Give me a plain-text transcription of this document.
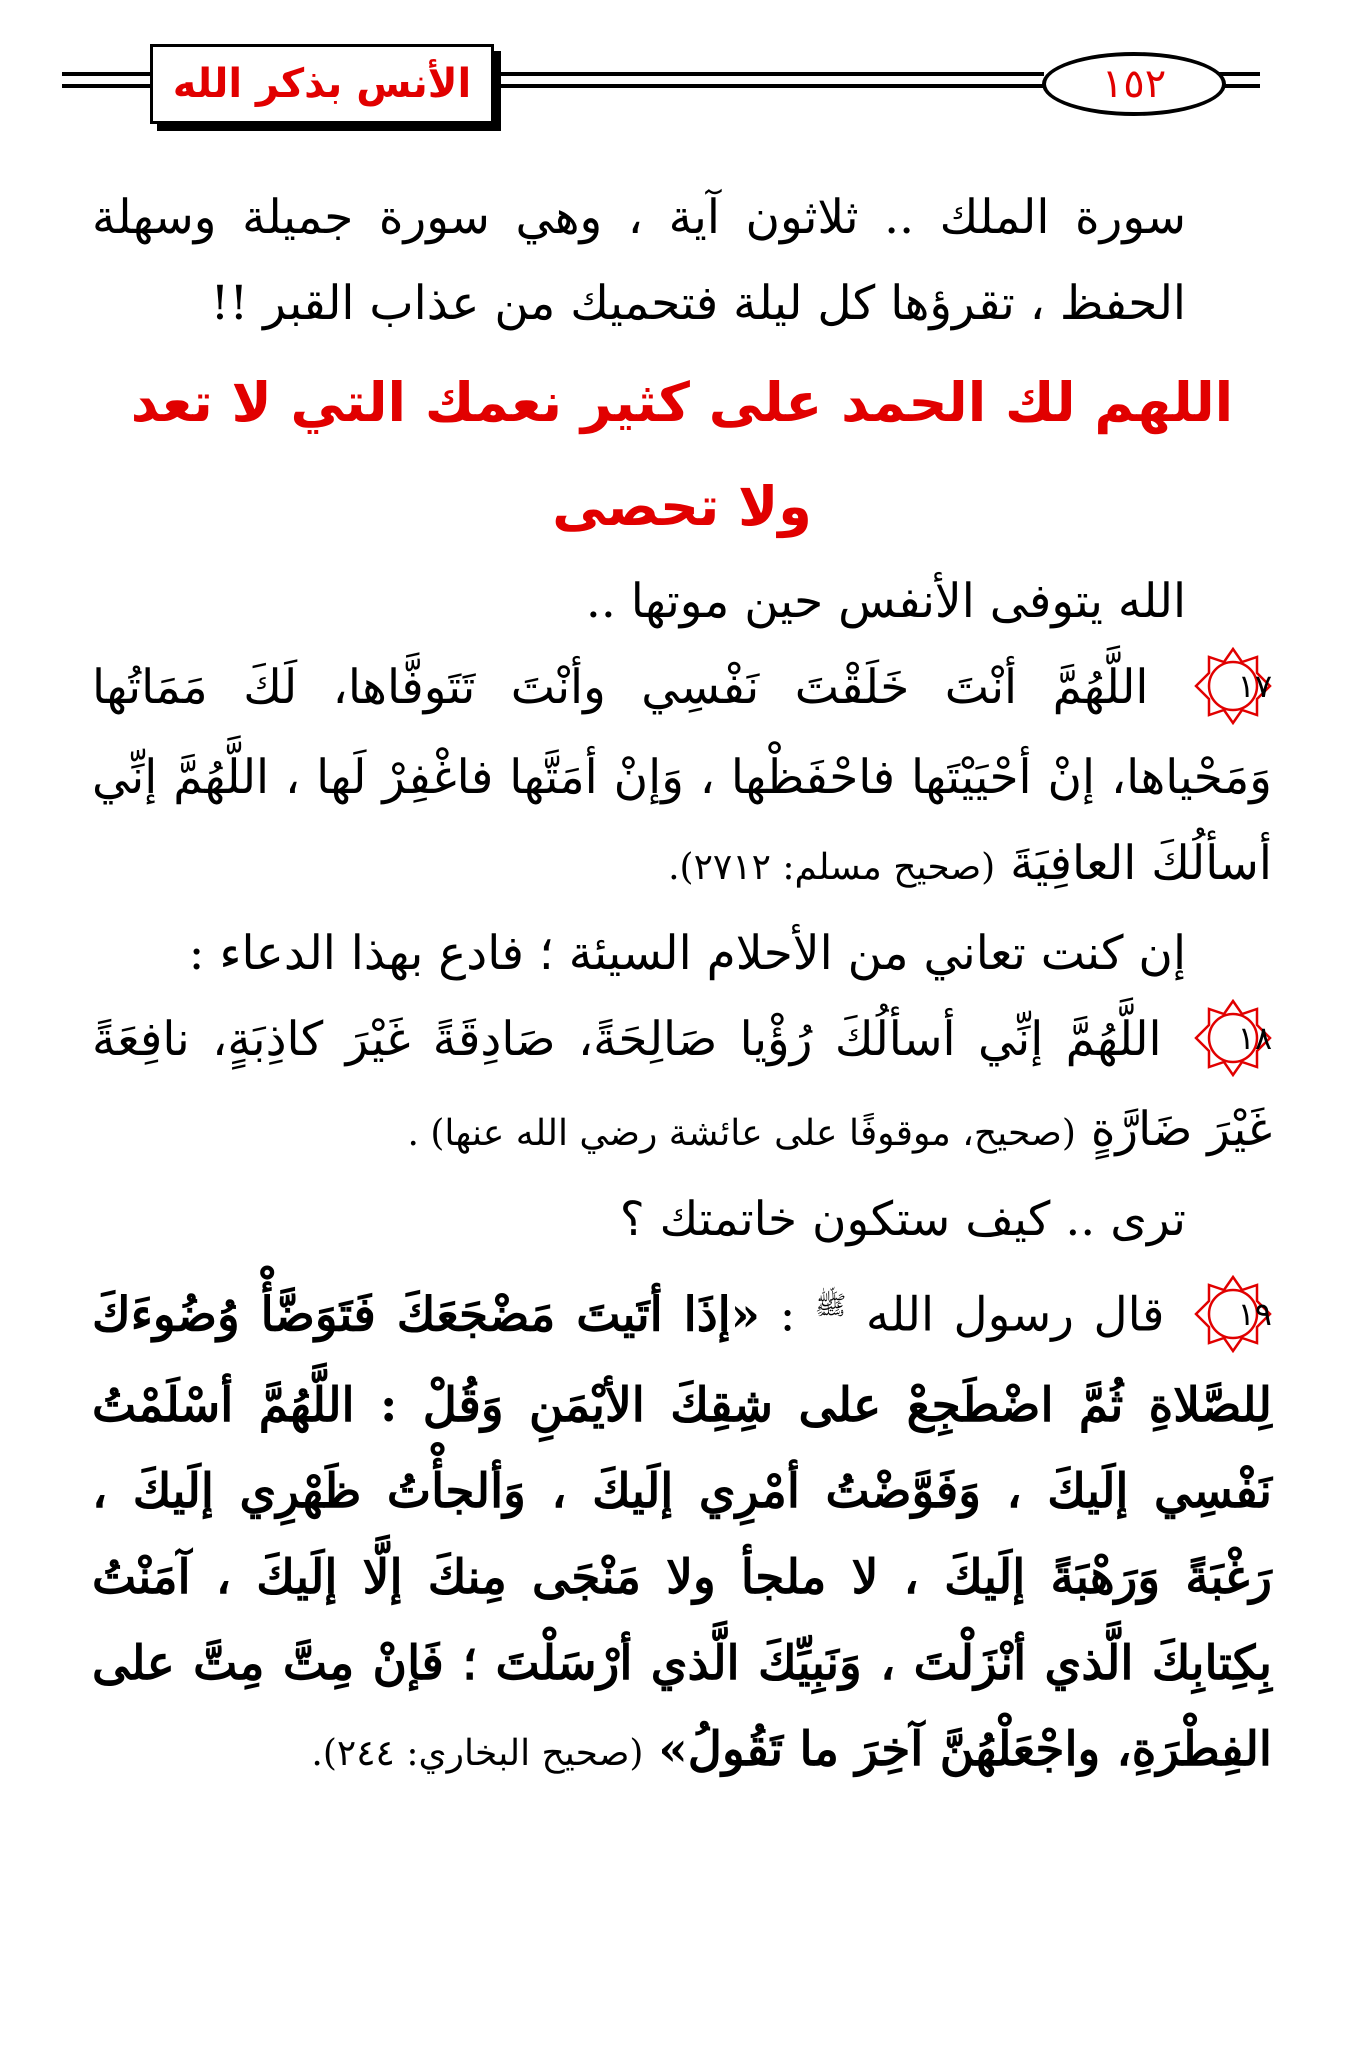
الأنس بذكر الله	١٥٢

سورة الملك .. ثلاثون آية ، وهي سورة جميلة وسهلة الحفظ ، تقرؤها كل ليلة فتحميك من عذاب القبر !!

اللهم لك الحمد على كثير نعمك التي لا تعد ولا تحصى

الله يتوفى الأنفس حين موتها ..

١٧
اللَّهُمَّ أنْتَ خَلَقْتَ نَفْسِي وأنْتَ تَتَوفَّاها، لَكَ مَمَاتُها وَمَحْياها، إنْ أحْيَيْتَها فاحْفَظْها ، وَإنْ أمَتَّها فاغْفِرْ لَها ، اللَّهُمَّ إنِّي أسألُكَ العافِيَةَ (صحيح مسلم: ٢٧١٢).

إن كنت تعاني من الأحلام السيئة ؛ فادع بهذا الدعاء :

١٨
اللَّهُمَّ إنِّي أسألُكَ رُؤْيا صَالِحَةً، صَادِقَةً غَيْرَ كاذِبَةٍ، نافِعَةً غَيْرَ ضَارَّةٍ (صحيح، موقوفًا على عائشة رضي الله عنها) .

ترى .. كيف ستكون خاتمتك ؟

١٩
قال رسول الله $^ﷺ$ : «إذَا أتَيتَ مَضْجَعَكَ فَتَوَضَّأْ وُضُوءَكَ لِلصَّلاةِ ثُمَّ اضْطَجِعْ على شِقِكَ الأيْمَنِ وَقُلْ : اللَّهُمَّ أسْلَمْتُ نَفْسِي إلَيكَ ، وَفَوَّضْتُ أمْرِي إلَيكَ ، وَألجأْتُ ظَهْرِي إلَيكَ ، رَغْبَةً وَرَهْبَةً إلَيكَ ، لا ملجأ ولا مَنْجَى مِنكَ إلَّا إلَيكَ ، آمَنْتُ بِكِتابِكَ الَّذي أنْزَلْتَ ، وَنَبِيِّكَ الَّذي أرْسَلْتَ ؛ فَإنْ مِتَّ مِتَّ على الفِطْرَةِ، واجْعَلْهُنَّ آخِرَ ما تَقُولُ» (صحيح البخاري: ٢٤٤).
